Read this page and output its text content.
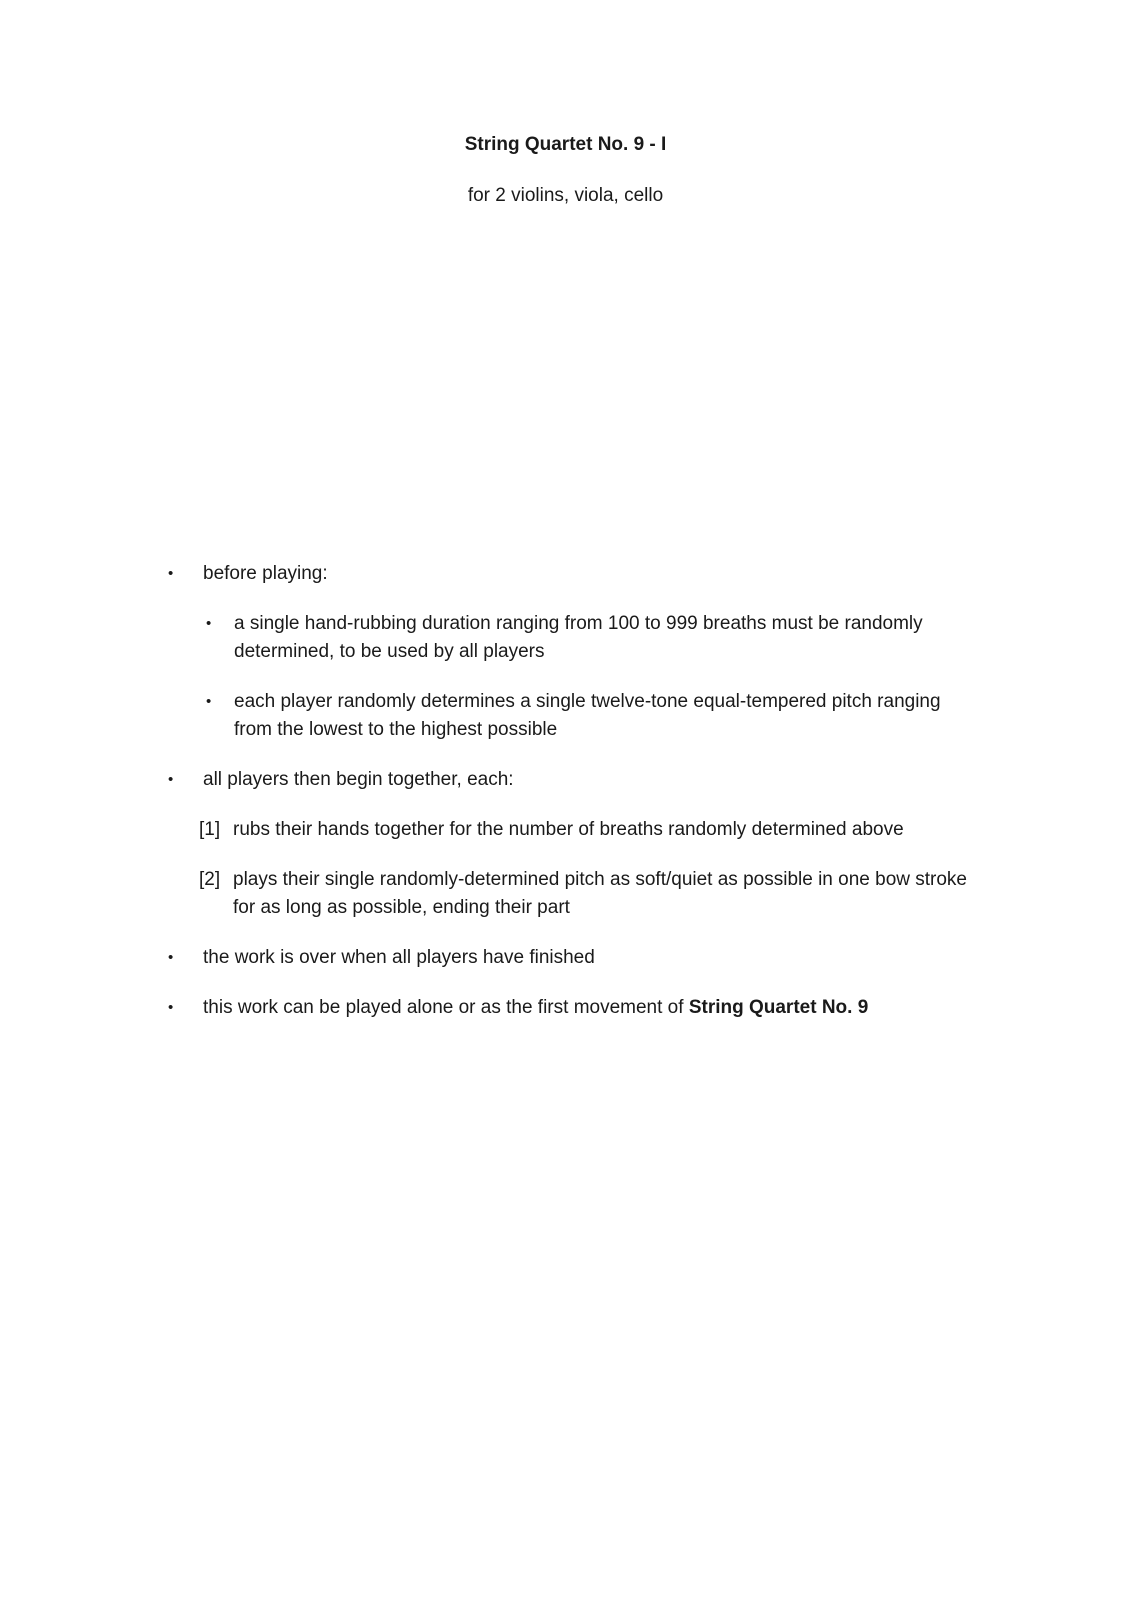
String Quartet No. 9 - I
for 2 violins, viola, cello
•	before playing:
•	a single hand-rubbing duration ranging from 100 to 999 breaths must be randomly determined, to be used by all players
•	each player randomly determines a single twelve-tone equal-tempered pitch ranging from the lowest to the highest possible
•	all players then begin together, each:
[1] rubs their hands together for the number of breaths randomly determined above
[2] plays their single randomly-determined pitch as soft/quiet as possible in one bow stroke for as long as possible, ending their part
•	the work is over when all players have finished
•	this work can be played alone or as the first movement of String Quartet No. 9
